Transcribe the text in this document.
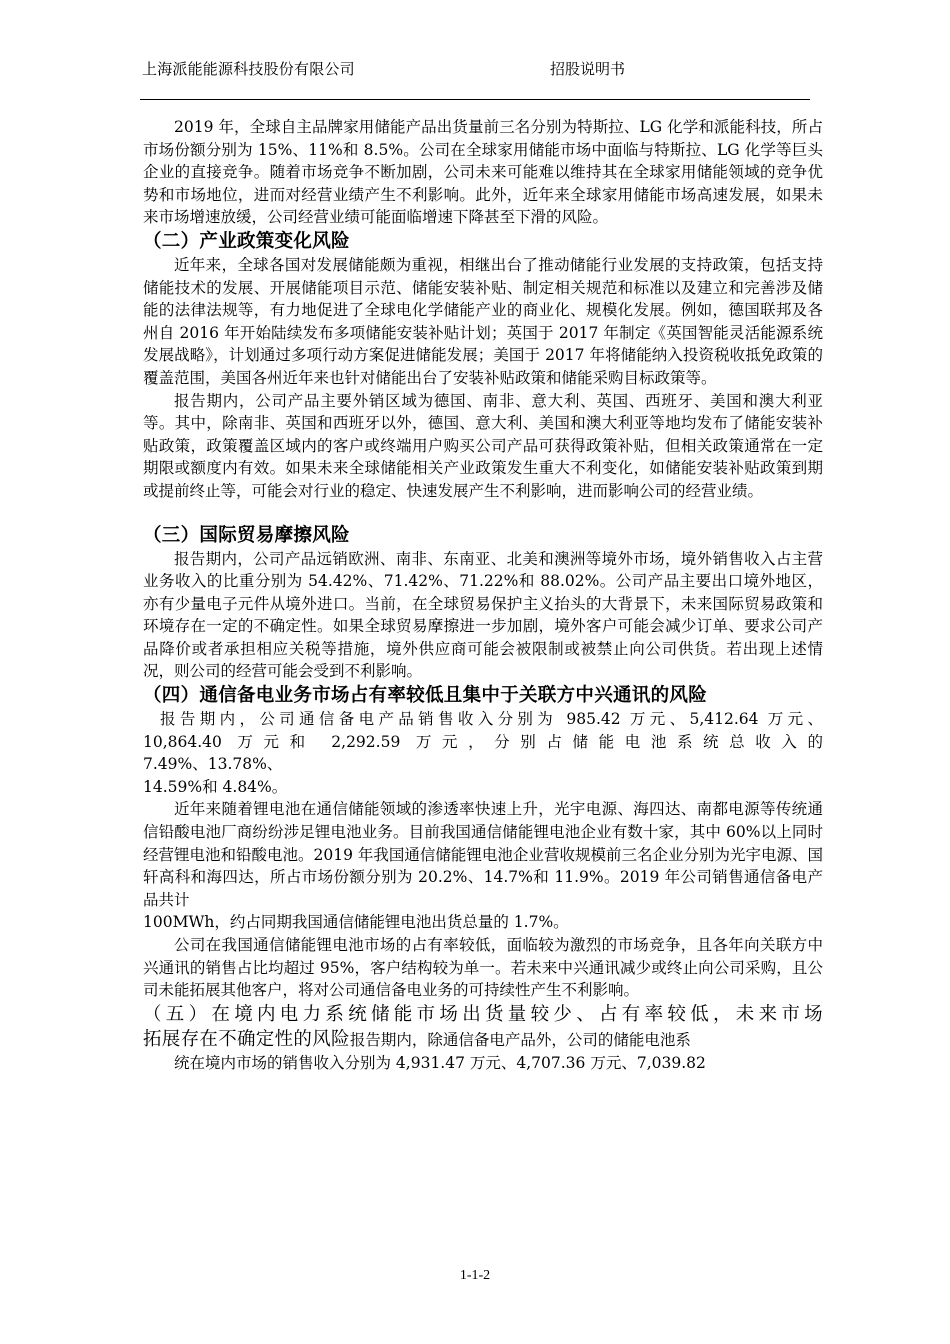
上海派能能源科技股份有限公司	招股说明书

2019 年，全球自主品牌家用储能产品出货量前三名分别为特斯拉、LG 化学和派能科技，所占市场份额分别为 15%、11%和 8.5%。公司在全球家用储能市场中面临与特斯拉、LG 化学等巨头企业的直接竞争。随着市场竞争不断加剧，公司未来可能难以维持其在全球家用储能领域的竞争优势和市场地位，进而对经营业绩产生不利影响。此外，近年来全球家用储能市场高速发展，如果未来市场增速放缓，公司经营业绩可能面临增速下降甚至下滑的风险。

（二）产业政策变化风险

近年来，全球各国对发展储能颇为重视，相继出台了推动储能行业发展的支持政策，包括支持储能技术的发展、开展储能项目示范、储能安装补贴、制定相关规范和标准以及建立和完善涉及储能的法律法规等，有力地促进了全球电化学储能产业的商业化、规模化发展。例如，德国联邦及各州自 2016 年开始陆续发布多项储能安装补贴计划；英国于 2017 年制定《英国智能灵活能源系统发展战略》，计划通过多项行动方案促进储能发展；美国于 2017 年将储能纳入投资税收抵免政策的覆盖范围，美国各州近年来也针对储能出台了安装补贴政策和储能采购目标政策等。

报告期内，公司产品主要外销区域为德国、南非、意大利、英国、西班牙、美国和澳大利亚等。其中，除南非、英国和西班牙以外，德国、意大利、美国和澳大利亚等地均发布了储能安装补贴政策，政策覆盖区域内的客户或终端用户购买公司产品可获得政策补贴，但相关政策通常在一定期限或额度内有效。如果未来全球储能相关产业政策发生重大不利变化，如储能安装补贴政策到期或提前终止等，可能会对行业的稳定、快速发展产生不利影响，进而影响公司的经营业绩。

（三）国际贸易摩擦风险

报告期内，公司产品远销欧洲、南非、东南亚、北美和澳洲等境外市场，境外销售收入占主营业务收入的比重分别为 54.42%、71.42%、71.22%和 88.02%。公司产品主要出口境外地区，亦有少量电子元件从境外进口。当前，在全球贸易保护主义抬头的大背景下，未来国际贸易政策和环境存在一定的不确定性。如果全球贸易摩擦进一步加剧，境外客户可能会减少订单、要求公司产品降价或者承担相应关税等措施，境外供应商可能会被限制或被禁止向公司供货。若出现上述情况，则公司的经营可能会受到不利影响。

（四）通信备电业务市场占有率较低且集中于关联方中兴通讯的风险
报告期内，公司通信备电产品销售收入分别为 985.42 万元、5,412.64 万元、
10,864.40 万元和 2,292.59 万元，分别占储能电池系统总收入的
7.49%、13.78%、
14.59%和 4.84%。

近年来随着锂电池在通信储能领域的渗透率快速上升，光宇电源、海四达、南都电源等传统通信铅酸电池厂商纷纷涉足锂电池业务。目前我国通信储能锂电池企业有数十家，其中 60%以上同时经营锂电池和铅酸电池。2019 年我国通信储能锂电池企业营收规模前三名企业分别为光宇电源、国轩高科和海四达，所占市场份额分别为 20.2%、14.7%和 11.9%。2019 年公司销售通信备电产品共计

100MWh，约占同期我国通信储能锂电池出货总量的 1.7%。

公司在我国通信储能锂电池市场的占有率较低，面临较为激烈的市场竞争，且各年向关联方中兴通讯的销售占比均超过 95%，客户结构较为单一。若未来中兴通讯减少或终止向公司采购，且公司未能拓展其他客户，将对公司通信备电业务的可持续性产生不利影响。

（五）在境内电力系统储能市场出货量较少、占有率较低，未来市场
拓展存在不确定性的风险报告期内，除通信备电产品外，公司的储能电池系

统在境内市场的销售收入分别为 4,931.47 万元、4,707.36 万元、7,039.82

1-1-2
